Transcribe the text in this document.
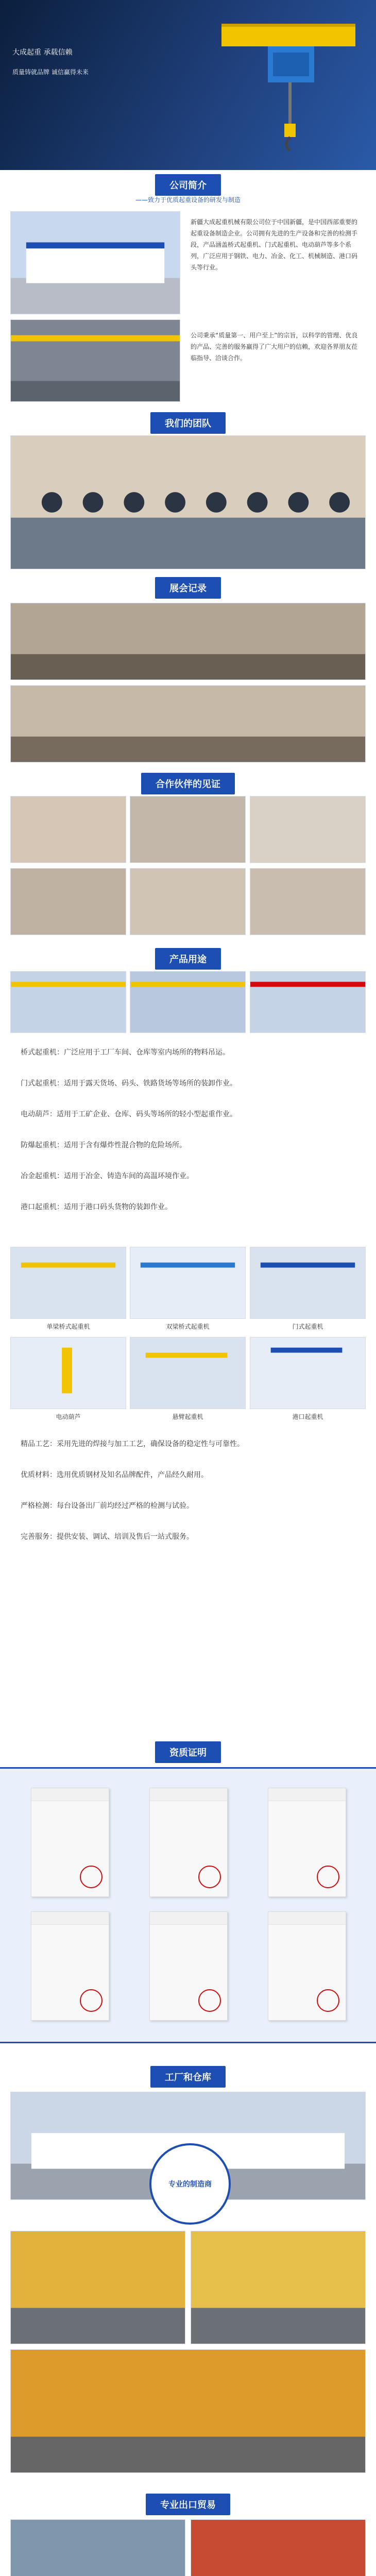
大成起重 承载信赖
质量铸就品牌 诚信赢得未来
公司简介
——致力于优质起重设备的研发与制造
新疆大成起重机械有限公司位于中国新疆，是中国西部重要的起重设备制造企业。公司拥有先进的生产设备和完善的检测手段，产品涵盖桥式起重机、门式起重机、电动葫芦等多个系列，广泛应用于钢铁、电力、冶金、化工、机械制造、港口码头等行业。
公司秉承“质量第一、用户至上”的宗旨，以科学的管理、优良的产品、完善的服务赢得了广大用户的信赖，欢迎各界朋友莅临指导、洽谈合作。
我们的团队
展会记录
合作伙伴的见证
产品用途
桥式起重机：广泛应用于工厂车间、仓库等室内场所的物料吊运。
门式起重机：适用于露天货场、码头、铁路货场等场所的装卸作业。
电动葫芦：适用于工矿企业、仓库、码头等场所的轻小型起重作业。
防爆起重机：适用于含有爆炸性混合物的危险场所。
冶金起重机：适用于冶金、铸造车间的高温环境作业。
港口起重机：适用于港口码头货物的装卸作业。
单梁桥式起重机	双梁桥式起重机	门式起重机
电动葫芦	悬臂起重机	港口起重机
精品工艺：采用先进的焊接与加工工艺，确保设备的稳定性与可靠性。
优质材料：选用优质钢材及知名品牌配件，产品经久耐用。
严格检测：每台设备出厂前均经过严格的检测与试验。
完善服务：提供安装、调试、培训及售后一站式服务。
资质证明
工厂和仓库
专业的制造商
专业出口贸易
